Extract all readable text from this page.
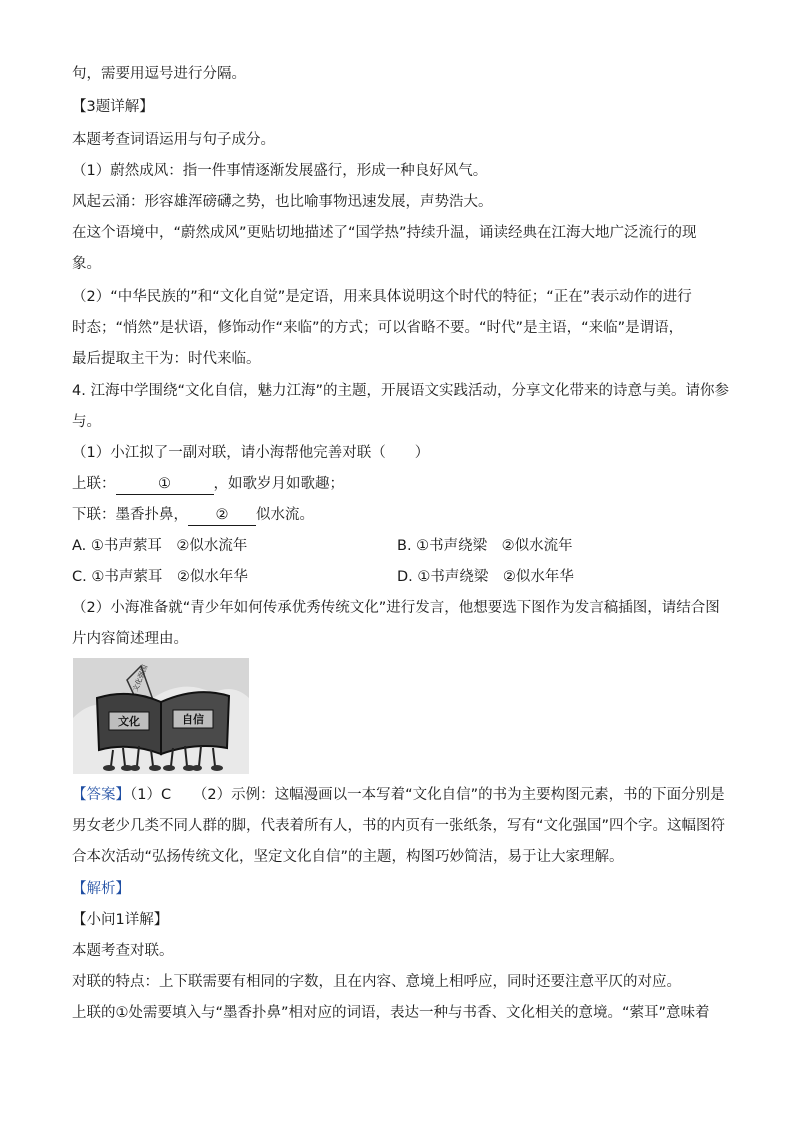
句，需要用逗号进行分隔。
【3题详解】
本题考查词语运用与句子成分。
（1）蔚然成风：指一件事情逐渐发展盛行，形成一种良好风气。
风起云涌：形容雄浑磅礴之势，也比喻事物迅速发展，声势浩大。
在这个语境中，“蔚然成风”更贴切地描述了“国学热”持续升温，诵读经典在江海大地广泛流行的现
象。
（2）“中华民族的”和“文化自觉”是定语，用来具体说明这个时代的特征；“正在”表示动作的进行
时态；“悄然”是状语，修饰动作“来临”的方式；可以省略不要。“时代”是主语，“来临”是谓语，
最后提取主干为：时代来临。
4. 江海中学围绕“文化自信，魅力江海”的主题，开展语文实践活动，分享文化带来的诗意与美。请你参
与。
（1）小江拟了一副对联，请小海帮他完善对联（　　）
上联：	①	，如歌岁月如歌趣；
下联：墨香扑鼻， ② 似水流。
A. ①书声萦耳　②似水流年	B. ①书声绕梁　②似水流年
C. ①书声萦耳　②似水年华	D. ①书声绕梁　②似水年华
（2）小海准备就“青少年如何传承优秀传统文化”进行发言，他想要选下图作为发言稿插图，请结合图
片内容简述理由。
文化强国
文化	自信
【答案】（1）C　　（2）示例：这幅漫画以一本写着“文化自信”的书为主要构图元素，书的下面分别是
男女老少几类不同人群的脚，代表着所有人，书的内页有一张纸条，写有“文化强国”四个字。这幅图符
合本次活动“弘扬传统文化，坚定文化自信”的主题，构图巧妙简洁，易于让大家理解。
【解析】
【小问1详解】
本题考查对联。
对联的特点：上下联需要有相同的字数，且在内容、意境上相呼应，同时还要注意平仄的对应。
上联的①处需要填入与“墨香扑鼻”相对应的词语，表达一种与书香、文化相关的意境。“萦耳”意味着
